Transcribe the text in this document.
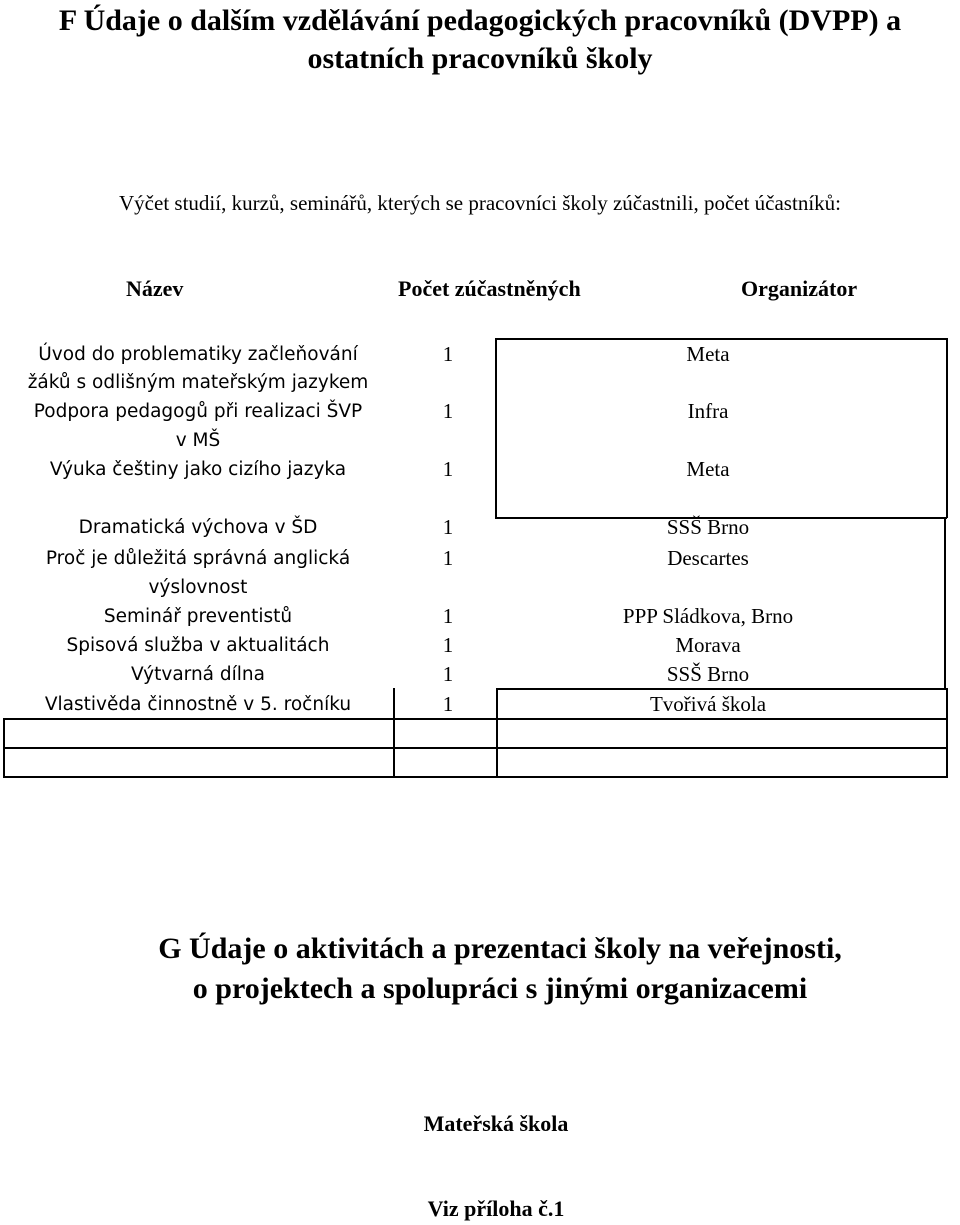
F Údaje o dalším vzdělávání pedagogických pracovníků (DVPP) a
ostatních pracovníků školy
Výčet studií, kurzů, seminářů, kterých se pracovníci školy zúčastnili, počet účastníků:
Název	Počet zúčastněných	Organizátor
Úvod do problematiky začleňování
žáků s odlišným mateřským jazykem
1	Meta
Podpora pedagogů při realizaci ŠVP
v MŠ
1	Infra
Výuka češtiny jako cizího jazyka	1	Meta
Dramatická výchova v ŠD	1	SSŠ Brno
Proč je důležitá správná anglická
výslovnost
1	Descartes
Seminář preventistů	1	PPP Sládkova, Brno
Spisová služba v aktualitách	1	Morava
Výtvarná dílna	1	SSŠ Brno
Vlastivěda činnostně v 5. ročníku	1	Tvořivá škola
G Údaje o aktivitách a prezentaci školy na veřejnosti,
o projektech a spolupráci s jinými organizacemi
Mateřská škola
Viz příloha č.1
